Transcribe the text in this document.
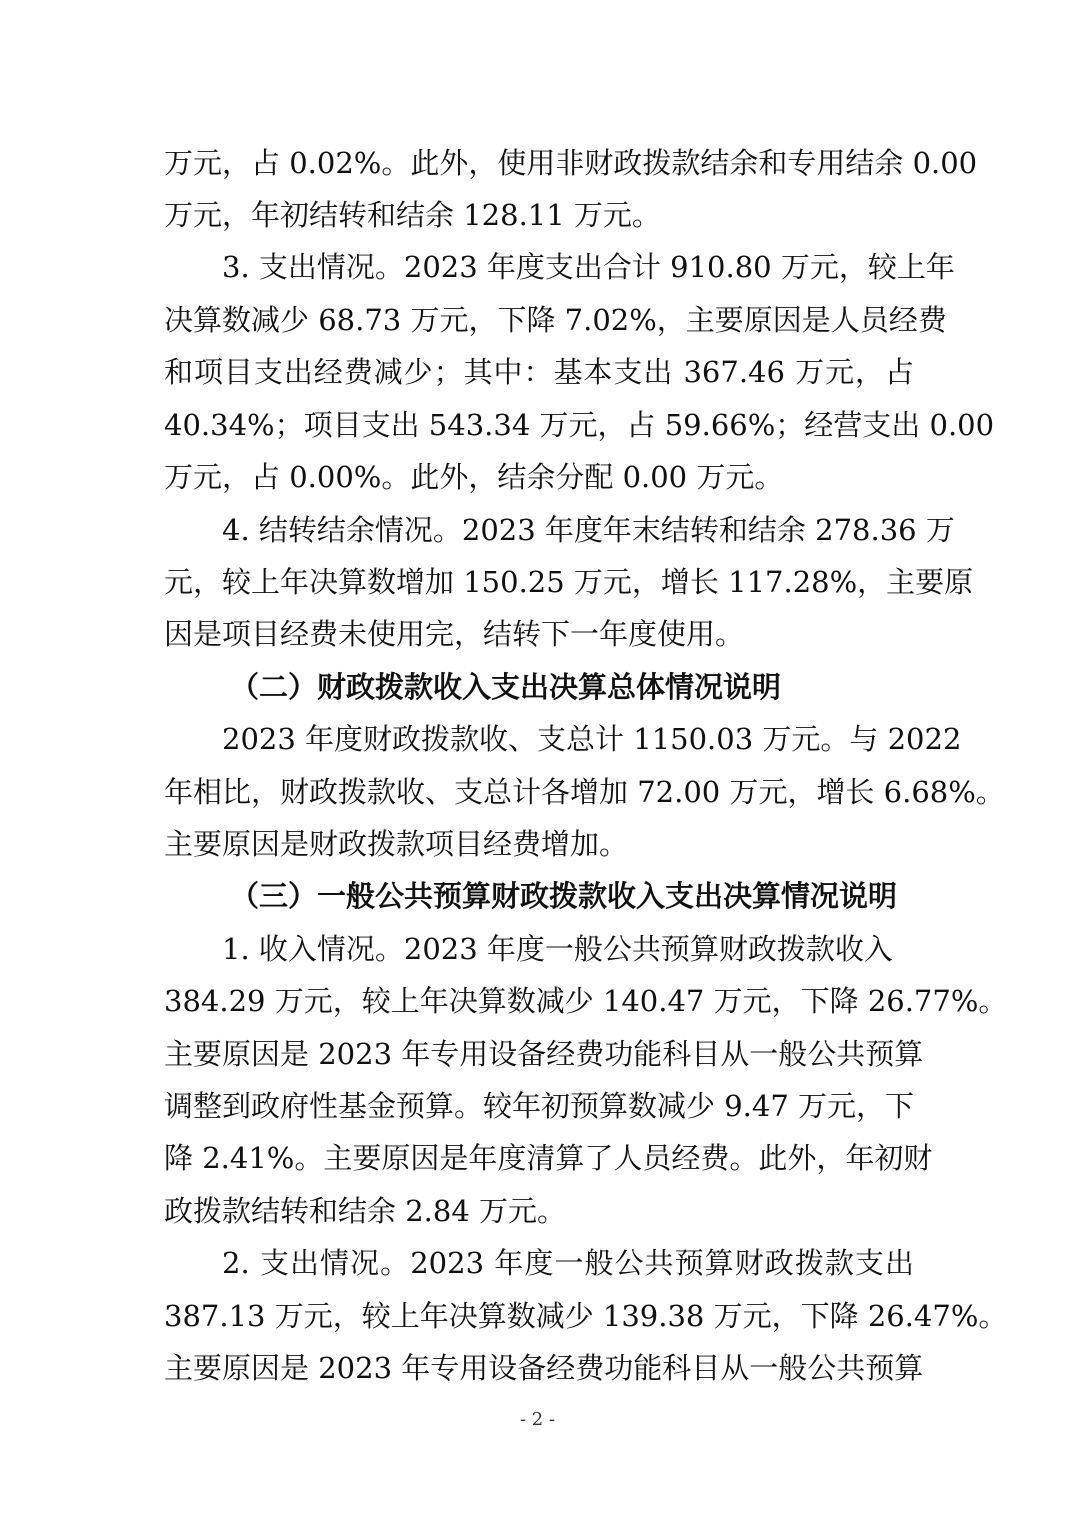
万元，占 0.02%。此外，使用非财政拨款结余和专用结余 0.00
万元，年初结转和结余 128.11 万元。
3. 支出情况。2023 年度支出合计 910.80 万元，较上年
决算数减少 68.73 万元，下降 7.02%，主要原因是人员经费
和项目支出经费减少；其中：基本支出 367.46 万元，占
40.34%；项目支出 543.34 万元，占 59.66%；经营支出 0.00
万元，占 0.00%。此外，结余分配 0.00 万元。
4. 结转结余情况。2023 年度年末结转和结余 278.36 万
元，较上年决算数增加 150.25 万元，增长 117.28%，主要原
因是项目经费未使用完，结转下一年度使用。
（二）财政拨款收入支出决算总体情况说明
2023 年度财政拨款收、支总计 1150.03 万元。与 2022
年相比，财政拨款收、支总计各增加 72.00 万元，增长 6.68%。
主要原因是财政拨款项目经费增加。
（三）一般公共预算财政拨款收入支出决算情况说明
1. 收入情况。2023 年度一般公共预算财政拨款收入
384.29 万元，较上年决算数减少 140.47 万元，下降 26.77%。
主要原因是 2023 年专用设备经费功能科目从一般公共预算
调整到政府性基金预算。较年初预算数减少 9.47 万元，下
降 2.41%。主要原因是年度清算了人员经费。此外，年初财
政拨款结转和结余 2.84 万元。
2. 支出情况。2023 年度一般公共预算财政拨款支出
387.13 万元，较上年决算数减少 139.38 万元，下降 26.47%。
主要原因是 2023 年专用设备经费功能科目从一般公共预算
- 2 -
